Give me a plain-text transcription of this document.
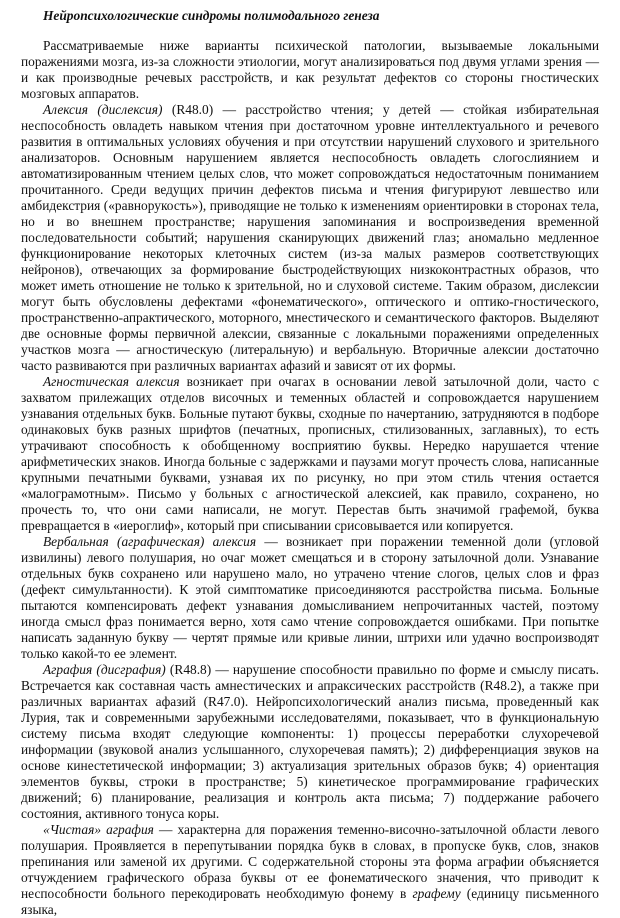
Нейропсихологические синдромы полимодального генеза

Рассматриваемые ниже варианты психической патологии, вызываемые локальными поражениями мозга, из-за сложности этиологии, могут анализироваться под двумя углами зрения — и как производные речевых расстройств, и как результат дефектов со стороны гностических мозговых аппаратов.

Алексия (дислексия) (R48.0) — расстройство чтения; у детей — стойкая избирательная неспособность овладеть навыком чтения при достаточном уровне интеллектуального и речевого развития в оптимальных условиях обучения и при отсутствии нарушений слухового и зрительного анализаторов. Основным нарушением является неспособность овладеть слогослиянием и автоматизированным чтением целых слов, что может сопровождаться недостаточным пониманием прочитанного. Среди ведущих причин дефектов письма и чтения фигурируют левшество или амбидекстрия («равнорукость»), приводящие не только к изменениям ориентировки в сторонах тела, но и во внешнем пространстве; нарушения запоминания и воспроизведения временной последовательности событий; нарушения сканирующих движений глаз; аномально медленное функционирование некоторых клеточных систем (из-за малых размеров соответствующих нейронов), отвечающих за формирование быстродействующих низкоконтрастных образов, что может иметь отношение не только к зрительной, но и слуховой системе. Таким образом, дислексии могут быть обусловлены дефектами «фонематического», оптического и оптико-гностического, пространственно-апрактического, моторного, мнестического и семантического факторов. Выделяют две основные формы первичной алексии, связанные с локальными поражениями определенных участков мозга — агностическую (литеральную) и вербальную. Вторичные алексии достаточно часто развиваются при различных вариантах афазий и зависят от их формы.

Агностическая алексия возникает при очагах в основании левой затылочной доли, часто с захватом прилежащих отделов височных и теменных областей и сопровождается нарушением узнавания отдельных букв. Больные путают буквы, сходные по начертанию, затрудняются в подборе одинаковых букв разных шрифтов (печатных, прописных, стилизованных, заглавных), то есть утрачивают способность к обобщенному восприятию буквы. Нередко нарушается чтение арифметических знаков. Иногда больные с задержками и паузами могут прочесть слова, написанные крупными печатными буквами, узнавая их по рисунку, но при этом стиль чтения остается «малограмотным». Письмо у больных с агностической алексией, как правило, сохранено, но прочесть то, что они сами написали, не могут. Перестав быть значимой графемой, буква превращается в «иероглиф», который при списывании срисовывается или копируется.

Вербальная (аграфическая) алексия — возникает при поражении теменной доли (угловой извилины) левого полушария, но очаг может смещаться и в сторону затылочной доли. Узнавание отдельных букв сохранено или нарушено мало, но утрачено чтение слогов, целых слов и фраз (дефект симультанности). К этой симптоматике присоединяются расстройства письма. Больные пытаются компенсировать дефект узнавания домысливанием непрочитанных частей, поэтому иногда смысл фраз понимается верно, хотя само чтение сопровождается ошибками. При попытке написать заданную букву — чертят прямые или кривые линии, штрихи или удачно воспроизводят только какой-то ее элемент.

Аграфия (дисграфия) (R48.8) — нарушение способности правильно по форме и смыслу писать. Встречается как составная часть амнестических и апраксических расстройств (R48.2), а также при различных вариантах афазий (R47.0). Нейропсихологический анализ письма, проведенный как Лурия, так и современными зарубежными исследователями, показывает, что в функциональную систему письма входят следующие компоненты: 1) процессы переработки слухоречевой информации (звуковой анализ услышанного, слухоречевая память); 2) дифференциация звуков на основе кинестетической информации; 3) актуализация зрительных образов букв; 4) ориентация элементов буквы, строки в пространстве; 5) кинетическое программирование графических движений; 6) планирование, реализация и контроль акта письма; 7) поддержание рабочего состояния, активного тонуса коры.

«Чистая» аграфия — характерна для поражения теменно-височно-затылочной области левого полушария. Проявляется в перепутывании порядка букв в словах, в пропуске букв, слов, знаков препинания или заменой их другими. С содержательной стороны эта форма аграфии объясняется отчуждением графического образа буквы от ее фонематического значения, что приводит к неспособности больного перекодировать необходимую фонему в графему (единицу письменного языка,
